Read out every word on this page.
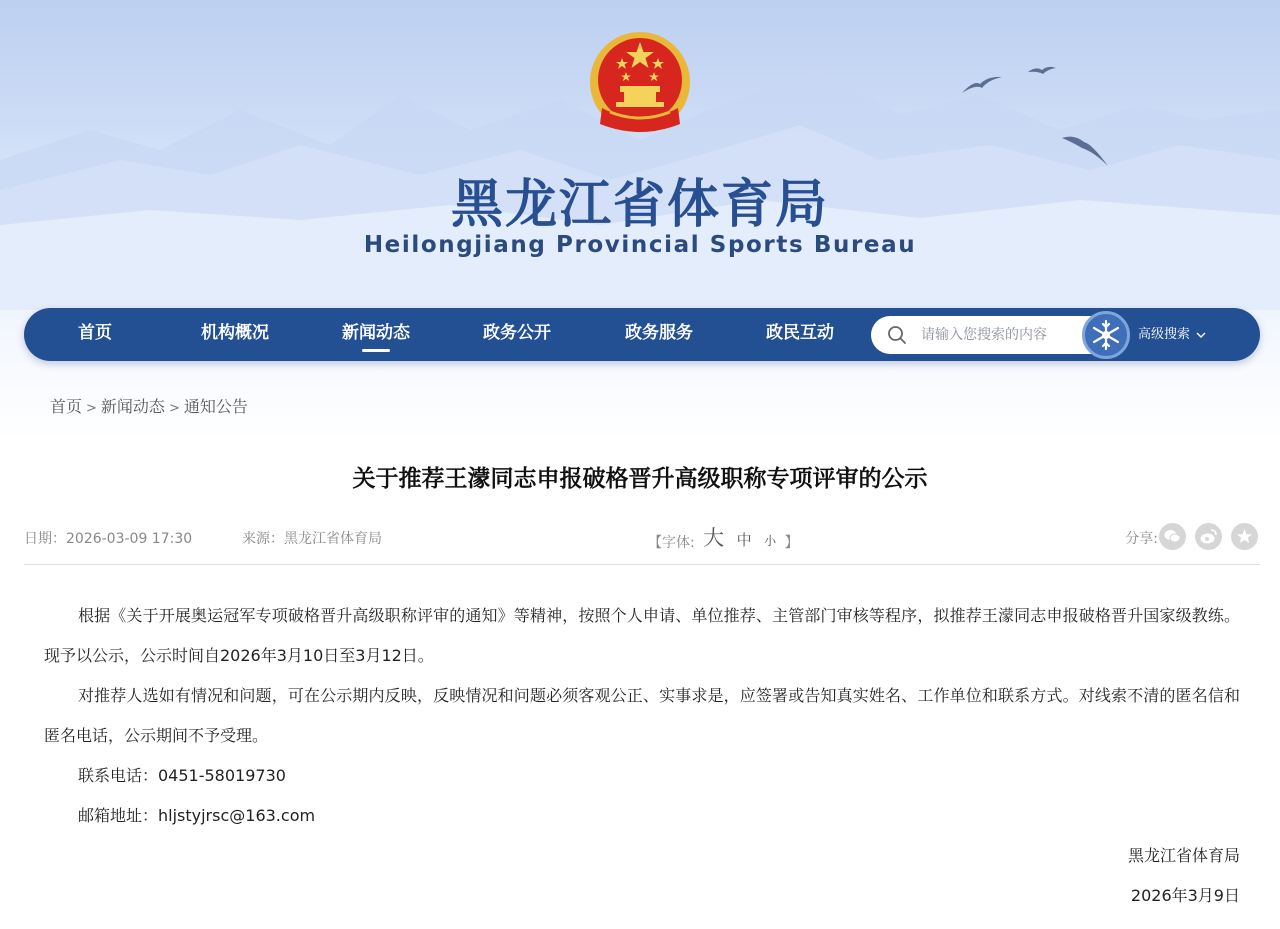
黑龙江省体育局
Heilongjiang Provincial Sports Bureau
首页	机构概况	新闻动态	政务公开	政务服务	政民互动
请输入您搜索的内容	高级搜索
首页 > 新闻动态 > 通知公告
关于推荐王濛同志申报破格晋升高级职称专项评审的公示
日期：2026-03-09 17:30	来源：黑龙江省体育局	【字体: 大 中 小 】	分享:

根据《关于开展奥运冠军专项破格晋升高级职称评审的通知》等精神，按照个人申请、单位推荐、主管部门审核等程序，拟推荐王濛同志申报破格晋升国家级教练。现予以公示，公示时间自2026年3月10日至3月12日。

对推荐人选如有情况和问题，可在公示期内反映，反映情况和问题必须客观公正、实事求是，应签署或告知真实姓名、工作单位和联系方式。对线索不清的匿名信和匿名电话，公示期间不予受理。

联系电话：0451-58019730

邮箱地址：hljstyjrsc@163.com

黑龙江省体育局

2026年3月9日
